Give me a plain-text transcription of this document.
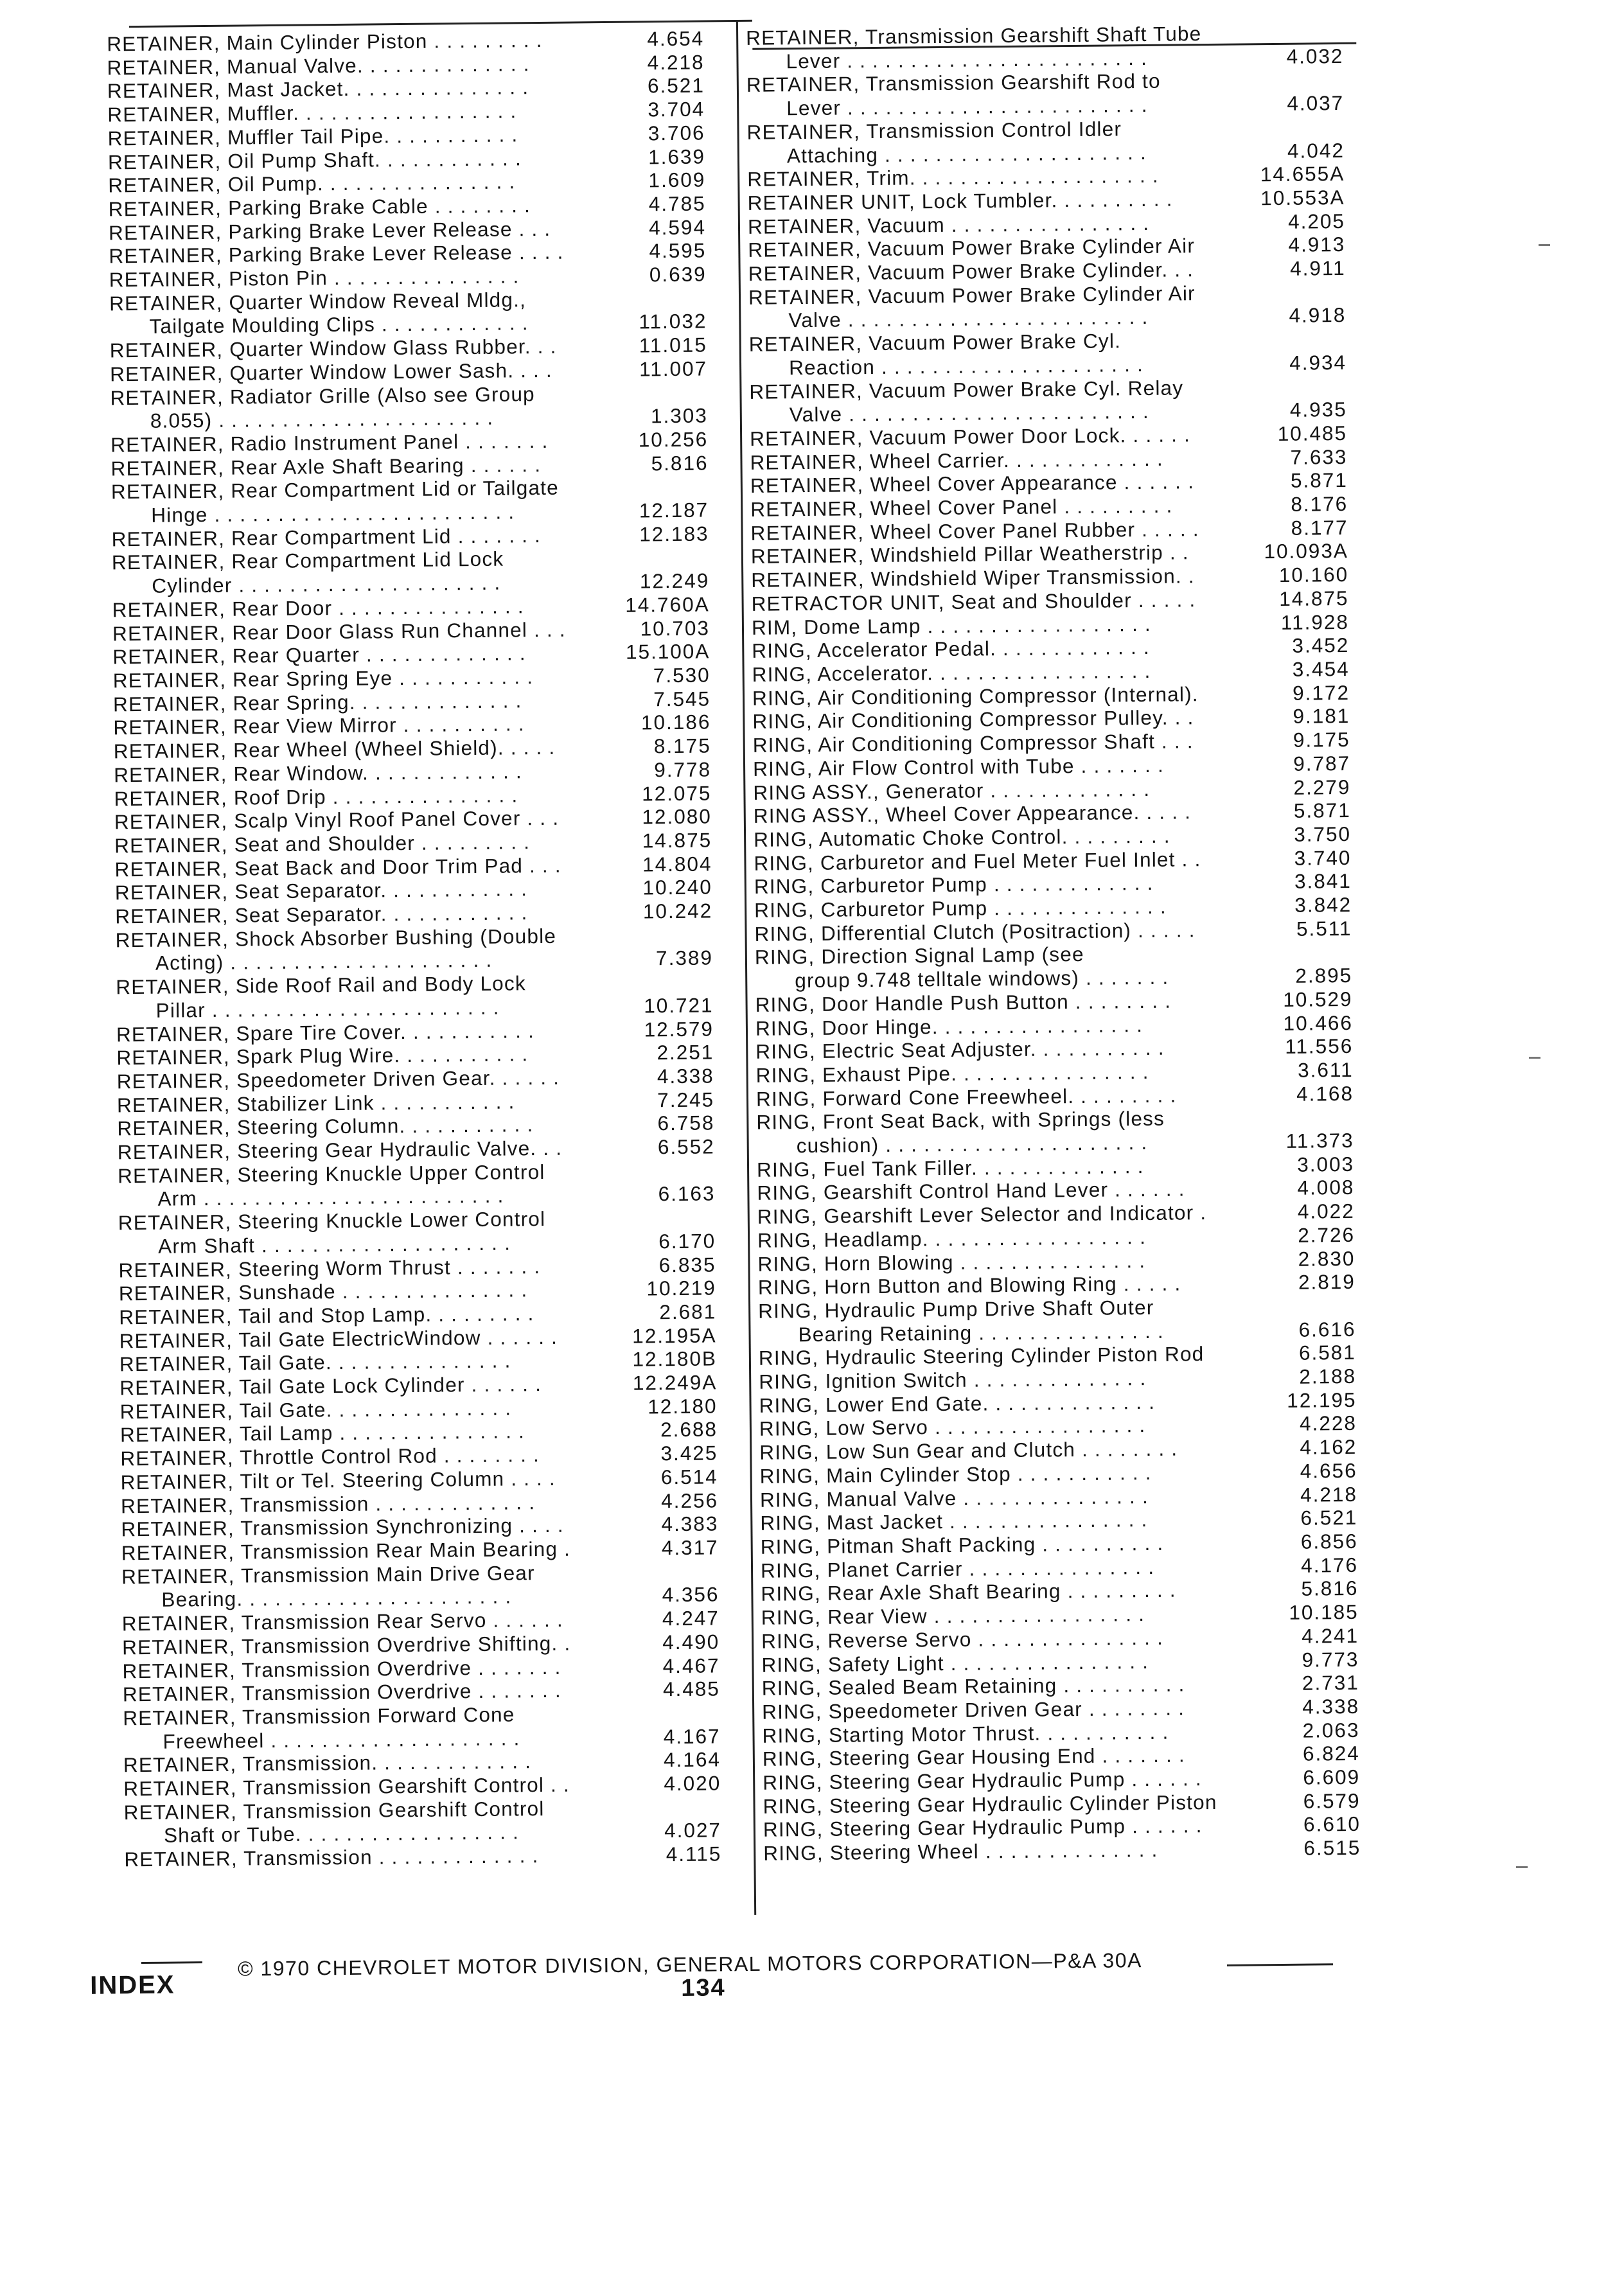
RETAINER, Main Cylinder Piston . . . . . . . . .	4.654
RETAINER, Manual Valve. . . . . . . . . . . . . .	4.218
RETAINER, Mast Jacket. . . . . . . . . . . . . . .	6.521
RETAINER, Muffler. . . . . . . . . . . . . . . . . .	3.704
RETAINER, Muffler Tail Pipe. . . . . . . . . . .	3.706
RETAINER, Oil Pump Shaft. . . . . . . . . . . .	1.639
RETAINER, Oil Pump. . . . . . . . . . . . . . . .	1.609
RETAINER, Parking Brake Cable . . . . . . . .	4.785
RETAINER, Parking Brake Lever Release . . .	4.594
RETAINER, Parking Brake Lever Release . . . .	4.595
RETAINER, Piston Pin . . . . . . . . . . . . . . .	0.639
RETAINER, Quarter Window Reveal Mldg.,
Tailgate Moulding Clips . . . . . . . . . . . .	11.032
RETAINER, Quarter Window Glass Rubber. . .	11.015
RETAINER, Quarter Window Lower Sash. . . .	11.007
RETAINER, Radiator Grille (Also see Group
8.055) . . . . . . . . . . . . . . . . . . . . . .	1.303
RETAINER, Radio Instrument Panel . . . . . . .	10.256
RETAINER, Rear Axle Shaft Bearing . . . . . .	5.816
RETAINER, Rear Compartment Lid or Tailgate
Hinge . . . . . . . . . . . . . . . . . . . . . . . .	12.187
RETAINER, Rear Compartment Lid . . . . . . .	12.183
RETAINER, Rear Compartment Lid Lock
Cylinder . . . . . . . . . . . . . . . . . . . . .	12.249
RETAINER, Rear Door . . . . . . . . . . . . . . .	14.760A
RETAINER, Rear Door Glass Run Channel . . .	10.703
RETAINER, Rear Quarter . . . . . . . . . . . . .	15.100A
RETAINER, Rear Spring Eye . . . . . . . . . . .	7.530
RETAINER, Rear Spring. . . . . . . . . . . . . .	7.545
RETAINER, Rear View Mirror . . . . . . . . . .	10.186
RETAINER, Rear Wheel (Wheel Shield). . . . .	8.175
RETAINER, Rear Window. . . . . . . . . . . . .	9.778
RETAINER, Roof Drip . . . . . . . . . . . . . . .	12.075
RETAINER, Scalp Vinyl Roof Panel Cover . . .	12.080
RETAINER, Seat and Shoulder . . . . . . . . .	14.875
RETAINER, Seat Back and Door Trim Pad . . .	14.804
RETAINER, Seat Separator. . . . . . . . . . . .	10.240
RETAINER, Seat Separator. . . . . . . . . . . .	10.242
RETAINER, Shock Absorber Bushing (Double
Acting) . . . . . . . . . . . . . . . . . . . . .	7.389
RETAINER, Side Roof Rail and Body Lock
Pillar . . . . . . . . . . . . . . . . . . . . . . .	10.721
RETAINER, Spare Tire Cover. . . . . . . . . . .	12.579
RETAINER, Spark Plug Wire. . . . . . . . . . .	2.251
RETAINER, Speedometer Driven Gear. . . . . .	4.338
RETAINER, Stabilizer Link . . . . . . . . . . .	7.245
RETAINER, Steering Column. . . . . . . . . . .	6.758
RETAINER, Steering Gear Hydraulic Valve. . .	6.552
RETAINER, Steering Knuckle Upper Control
Arm . . . . . . . . . . . . . . . . . . . . . . . .	6.163
RETAINER, Steering Knuckle Lower Control
Arm Shaft . . . . . . . . . . . . . . . . . . . .	6.170
RETAINER, Steering Worm Thrust . . . . . . .	6.835
RETAINER, Sunshade . . . . . . . . . . . . . . .	10.219
RETAINER, Tail and Stop Lamp. . . . . . . . .	2.681
RETAINER, Tail Gate ElectricWindow . . . . . .	12.195A
RETAINER, Tail Gate. . . . . . . . . . . . . . .	12.180B
RETAINER, Tail Gate Lock Cylinder . . . . . .	12.249A
RETAINER, Tail Gate. . . . . . . . . . . . . . .	12.180
RETAINER, Tail Lamp . . . . . . . . . . . . . . .	2.688
RETAINER, Throttle Control Rod . . . . . . . .	3.425
RETAINER, Tilt or Tel. Steering Column . . . .	6.514
RETAINER, Transmission . . . . . . . . . . . . .	4.256
RETAINER, Transmission Synchronizing . . . .	4.383
RETAINER, Transmission Rear Main Bearing .	4.317
RETAINER, Transmission Main Drive Gear
Bearing. . . . . . . . . . . . . . . . . . . . . .	4.356
RETAINER, Transmission Rear Servo . . . . . .	4.247
RETAINER, Transmission Overdrive Shifting. .	4.490
RETAINER, Transmission Overdrive . . . . . . .	4.467
RETAINER, Transmission Overdrive . . . . . . .	4.485
RETAINER, Transmission Forward Cone
Freewheel . . . . . . . . . . . . . . . . . . . .	4.167
RETAINER, Transmission. . . . . . . . . . . . .	4.164
RETAINER, Transmission Gearshift Control . .	4.020
RETAINER, Transmission Gearshift Control
Shaft or Tube. . . . . . . . . . . . . . . . . .	4.027
RETAINER, Transmission . . . . . . . . . . . . .	4.115
RETAINER, Transmission Gearshift Shaft Tube
Lever . . . . . . . . . . . . . . . . . . . . . . . .	4.032
RETAINER, Transmission Gearshift Rod to
Lever . . . . . . . . . . . . . . . . . . . . . . . .	4.037
RETAINER, Transmission Control Idler
Attaching . . . . . . . . . . . . . . . . . . . . .	4.042
RETAINER, Trim. . . . . . . . . . . . . . . . . . . .	14.655A
RETAINER UNIT, Lock Tumbler. . . . . . . . . .	10.553A
RETAINER, Vacuum . . . . . . . . . . . . . . . .	4.205
RETAINER, Vacuum Power Brake Cylinder Air	4.913
RETAINER, Vacuum Power Brake Cylinder. . .	4.911
RETAINER, Vacuum Power Brake Cylinder Air
Valve . . . . . . . . . . . . . . . . . . . . . . . .	4.918
RETAINER, Vacuum Power Brake Cyl.
Reaction . . . . . . . . . . . . . . . . . . . . .	4.934
RETAINER, Vacuum Power Brake Cyl. Relay
Valve . . . . . . . . . . . . . . . . . . . . . . . .	4.935
RETAINER, Vacuum Power Door Lock. . . . . .	10.485
RETAINER, Wheel Carrier. . . . . . . . . . . . .	7.633
RETAINER, Wheel Cover Appearance . . . . . .	5.871
RETAINER, Wheel Cover Panel . . . . . . . . .	8.176
RETAINER, Wheel Cover Panel Rubber . . . . .	8.177
RETAINER, Windshield Pillar Weatherstrip . .	10.093A
RETAINER, Windshield Wiper Transmission. .	10.160
RETRACTOR UNIT, Seat and Shoulder . . . . .	14.875
RIM, Dome Lamp . . . . . . . . . . . . . . . . . .	11.928
RING, Accelerator Pedal. . . . . . . . . . . . .	3.452
RING, Accelerator. . . . . . . . . . . . . . . . . .	3.454
RING, Air Conditioning Compressor (Internal).	9.172
RING, Air Conditioning Compressor Pulley. . .	9.181
RING, Air Conditioning Compressor Shaft . . .	9.175
RING, Air Flow Control with Tube . . . . . . .	9.787
RING ASSY., Generator . . . . . . . . . . . . .	2.279
RING ASSY., Wheel Cover Appearance. . . . .	5.871
RING, Automatic Choke Control. . . . . . . . .	3.750
RING, Carburetor and Fuel Meter Fuel Inlet . .	3.740
RING, Carburetor Pump . . . . . . . . . . . . .	3.841
RING, Carburetor Pump . . . . . . . . . . . . . .	3.842
RING, Differential Clutch (Positraction) . . . . .	5.511
RING, Direction Signal Lamp (see
group 9.748 telltale windows) . . . . . . .	2.895
RING, Door Handle Push Button . . . . . . . .	10.529
RING, Door Hinge. . . . . . . . . . . . . . . . .	10.466
RING, Electric Seat Adjuster. . . . . . . . . . .	11.556
RING, Exhaust Pipe. . . . . . . . . . . . . . . .	3.611
RING, Forward Cone Freewheel. . . . . . . . .	4.168
RING, Front Seat Back, with Springs (less
cushion) . . . . . . . . . . . . . . . . . . . . .	11.373
RING, Fuel Tank Filler. . . . . . . . . . . . . .	3.003
RING, Gearshift Control Hand Lever . . . . . .	4.008
RING, Gearshift Lever Selector and Indicator .	4.022
RING, Headlamp. . . . . . . . . . . . . . . . . .	2.726
RING, Horn Blowing . . . . . . . . . . . . . . .	2.830
RING, Horn Button and Blowing Ring . . . . .	2.819
RING, Hydraulic Pump Drive Shaft Outer
Bearing Retaining . . . . . . . . . . . . . . .	6.616
RING, Hydraulic Steering Cylinder Piston Rod	6.581
RING, Ignition Switch . . . . . . . . . . . . . .	2.188
RING, Lower End Gate. . . . . . . . . . . . . .	12.195
RING, Low Servo . . . . . . . . . . . . . . . . .	4.228
RING, Low Sun Gear and Clutch . . . . . . . .	4.162
RING, Main Cylinder Stop . . . . . . . . . . .	4.656
RING, Manual Valve . . . . . . . . . . . . . . .	4.218
RING, Mast Jacket . . . . . . . . . . . . . . . .	6.521
RING, Pitman Shaft Packing . . . . . . . . . .	6.856
RING, Planet Carrier . . . . . . . . . . . . . . .	4.176
RING, Rear Axle Shaft Bearing . . . . . . . . .	5.816
RING, Rear View . . . . . . . . . . . . . . . . .	10.185
RING, Reverse Servo . . . . . . . . . . . . . . .	4.241
RING, Safety Light . . . . . . . . . . . . . . . .	9.773
RING, Sealed Beam Retaining . . . . . . . . . .	2.731
RING, Speedometer Driven Gear . . . . . . . .	4.338
RING, Starting Motor Thrust. . . . . . . . . . .	2.063
RING, Steering Gear Housing End . . . . . . .	6.824
RING, Steering Gear Hydraulic Pump . . . . . .	6.609
RING, Steering Gear Hydraulic Cylinder Piston	6.579
RING, Steering Gear Hydraulic Pump . . . . . .	6.610
RING, Steering Wheel . . . . . . . . . . . . . .	6.515
INDEX
© 1970 CHEVROLET MOTOR DIVISION, GENERAL MOTORS CORPORATION—P&A 30A
134
